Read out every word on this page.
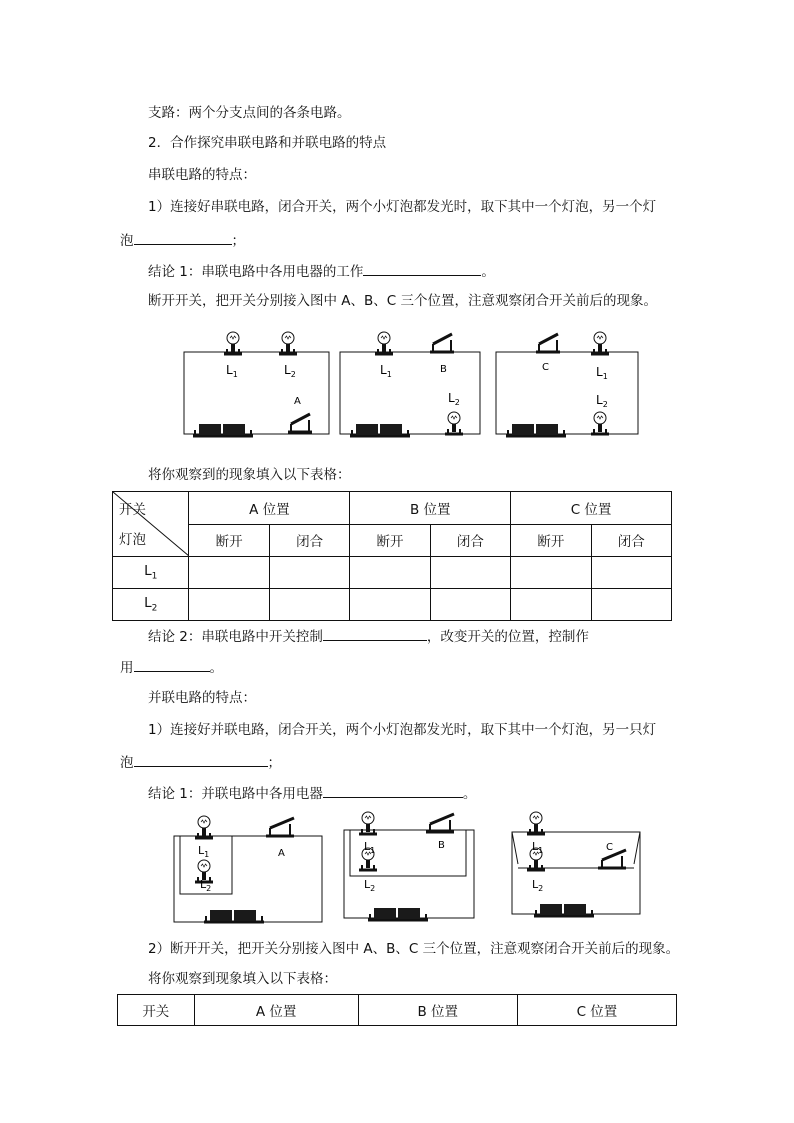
支路：两个分支点间的各条电路。
2．合作探究串联电路和并联电路的特点
串联电路的特点：
1）连接好串联电路，闭合开关，两个小灯泡都发光时，取下其中一个灯泡，另一个灯
泡	；
结论 1：串联电路中各用电器的工作	。
断开开关，把开关分别接入图中 A、B、C 三个位置，注意观察闭合开关前后的现象。
$L_1$	$L_2$
A
$L_1$	B
$L_2$
C	$L_1$
$L_2$
将你观察到的现象填入以下表格：
开关
灯泡	A 位置		B 位置		C 位置	
	断开	闭合	断开	闭合	断开	闭合
$L_1$						
$L_2$						
结论 2：串联电路中开关控制	，改变开关的位置，控制作
用	。
并联电路的特点：
1）连接好并联电路，闭合开关，两个小灯泡都发光时，取下其中一个灯泡，另一只灯
泡	；
结论 1：并联电路中各用电器	。
$L_1$
$L_2$
A
$L_1$
$L_2$
B	$L_1$
$L_2$
C
2）断开开关，把开关分别接入图中 A、B、C 三个位置，注意观察闭合开关前后的现象。
将你观察到现象填入以下表格：
开关	A 位置	B 位置	C 位置
